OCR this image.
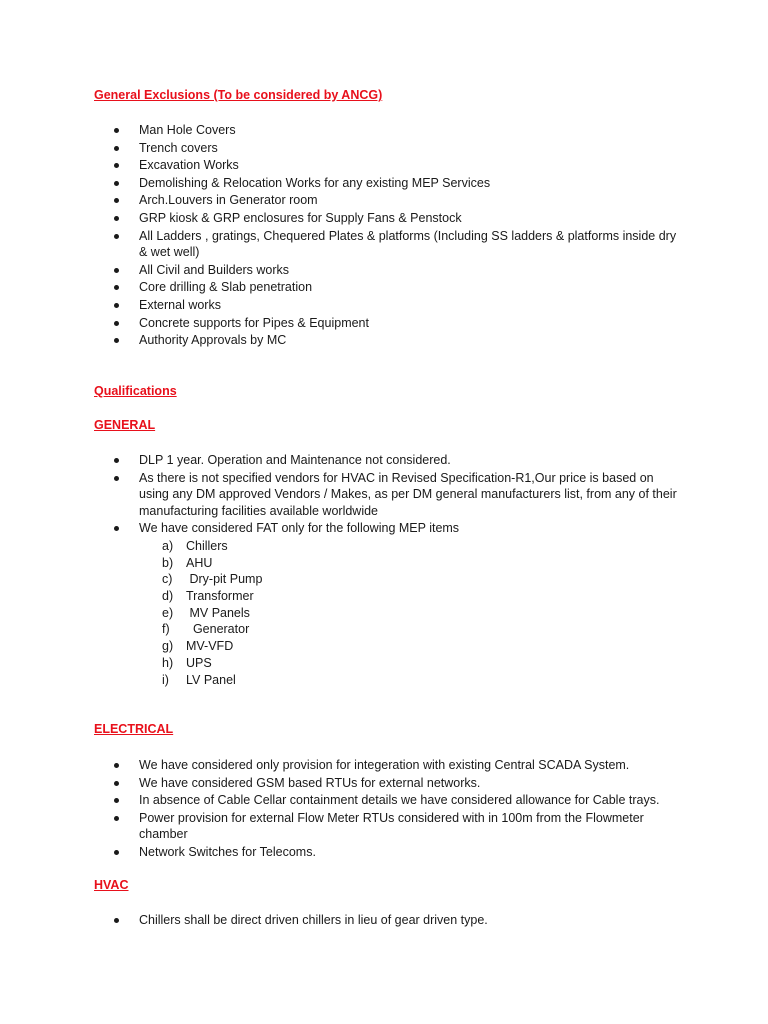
General Exclusions (To be considered by ANCG)
Man Hole Covers
Trench covers
Excavation Works
Demolishing & Relocation Works for any existing MEP Services
Arch.Louvers in Generator room
GRP kiosk & GRP enclosures for Supply Fans & Penstock
All Ladders , gratings, Chequered Plates & platforms (Including SS ladders & platforms inside dry & wet well)
All Civil and Builders works
Core drilling & Slab penetration
External works
Concrete supports for Pipes & Equipment
Authority Approvals by MC
Qualifications
GENERAL
DLP 1 year. Operation and Maintenance not considered.
As there is not specified vendors for HVAC in Revised Specification-R1,Our price is based on using any DM approved Vendors / Makes, as per DM general manufacturers list, from any of their manufacturing facilities available worldwide
We have considered FAT only for the following MEP items
a) Chillers
b) AHU
c) Dry-pit Pump
d) Transformer
e) MV Panels
f) Generator
g) MV-VFD
h) UPS
i) LV Panel
ELECTRICAL
We have considered only provision for integeration with existing Central SCADA System.
We have considered GSM based RTUs for external networks.
In absence of Cable Cellar containment details we have considered allowance for Cable trays.
Power provision for external Flow Meter RTUs considered with in 100m from the Flowmeter chamber
Network Switches for Telecoms.
HVAC
Chillers shall be direct driven chillers in lieu of gear driven type.
